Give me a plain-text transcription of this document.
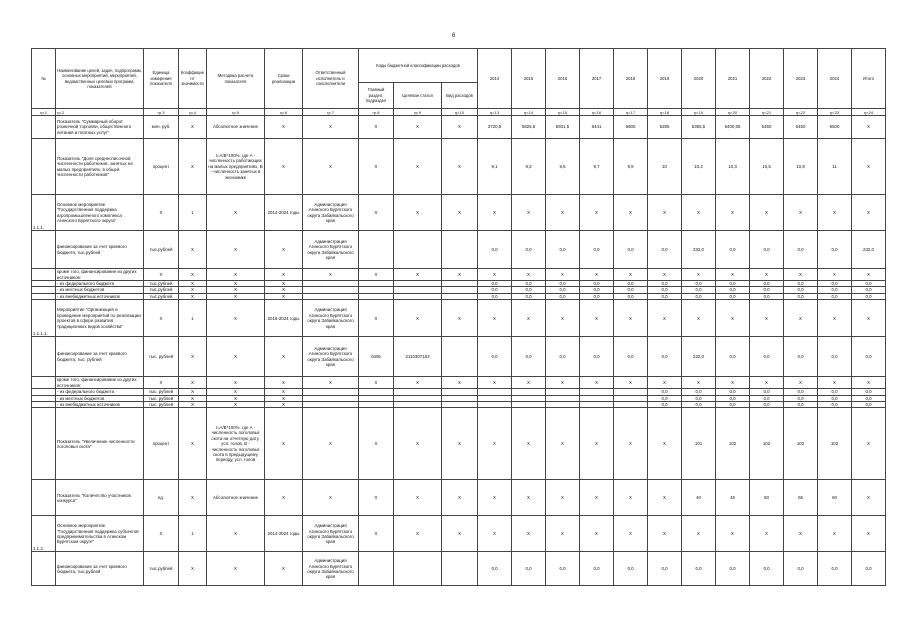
6
№	Наименование целей, задач, подпрограмм, основных мероприятий, мероприятий, ведомственных целевых программ, показателей	Единица измерения показателя	Коэффициент значимости	Методика расчета показателя	Сроки реализации	Ответственный исполнитель и соисполнители	Коды бюджетной классификации расходов			2014	2015	2016	2017	2018	2019	2020	2021	2022	2023	2024	Итого
							Главный раздел, подраздел	Целевая статья	Вид расходов												
гр.1	гр.2	гр.3	гр.4	гр.5	гр.6	гр.7	гр.8	гр.9	гр.10	гр.13	гр.14	гр.15	гр.16	гр.17	гр.18	гр.19	гр.20	гр.21	гр.22	гр.23	гр.24
	Показатель "Суммарный оборот розничной торговли, общественного питания и платных услуг"	млн. руб.	Х	Абсолютное значение	Х	Х	Х	Х	Х	3720,5	5825,5	5931,5	6441	6600	6285	6355,5	6400,05	6450	6450	6500	Х
	Показатель "Доля среднесписочной численности работников, занятых на малых предприятиях, в общей численности работников"	процент	Х	I=A/B*100%, где А - численность работающих на малых предприятиях, В - численность занятых в экономике	Х	Х	Х	Х	Х	9,1	9,3	9,5	9,7	9,9	10	10,2	10,3	10,5	10,8	11	Х
1.1.1.	Основное мероприятие "Государственная поддержка агропромышленного комплекса Агинского Бурятского округа"	Х	1	Х	2014-2024 годы	Администрация Агинского Бурятского округа Забайкальского края	Х	Х	Х	Х	Х	Х	Х	Х	Х	Х	Х	Х	Х	Х	Х
	финансирование за счет краевого бюджета, тыс.рублей	тыс.рублей	Х	Х	Х	Администрация Агинского Бурятского округа Забайкальского края				0,0	0,0	0,0	0,0	0,0	0,0	232,0	0,0	0,0	0,0	0,0	232,0
	кроме того, финансирование из других источников:	Х	Х	Х	Х	Х	Х	Х	Х	Х	Х	Х	Х	Х	Х	Х	Х	Х	Х	Х	Х
	- из федерального бюджета	тыс.рублей	Х	Х	Х					0,0	0,0	0,0	0,0	0,0	0,0	0,0	0,0	0,0	0,0	0,0	0,0
	- из местных бюджетов	тыс.рублей	Х	Х	Х					0,0	0,0	0,0	0,0	0,0	0,0	0,0	0,0	0,0	0,0	0,0	0,0
	- из внебюджетных источников	тыс.рублей	Х	Х	Х					0,0	0,0	0,0	0,0	0,0	0,0	0,0	0,0	0,0	0,0	0,0	0,0
1.1.1.1.	Мероприятие "Организация и проведение мероприятий по реализации проектов в сфере развития традиционных видов хозяйства"	Х	1	Х	2019-2024 годы	Администрация Агинского Бурятского округа Забайкальского края	Х	Х	Х	Х	Х	Х	Х	Х	Х	Х	Х	Х	Х	Х	Х
	финансирование за счет краевого бюджета, тыс. рублей	тыс. рублей	Х	Х	Х	Администрация Агинского Бурятского округа Забайкальского края	0405	2110307163		0,0	0,0	0,0	0,0	0,0	0,0	232,0	0,0	0,0	0,0	0,0	0,0
	кроме того, финансирование из других источников:	Х	Х	Х	Х	Х	Х	Х	Х	Х	Х	Х	Х	Х	Х	Х	Х	Х	Х	Х	Х
	- из федерального бюджета	тыс. рублей	Х	Х	Х										0,0	0,0	0,0	0,0	0,0	0,0	0,0
	- из местных бюджетов	тыс. рублей	Х	Х	Х										0,0	0,0	0,0	0,0	0,0	0,0	0,0
	- из внебюджетных источников	тыс. рублей	Х	Х	Х										0,0	0,0	0,0	0,0	0,0	0,0	0,0
	Показатель "Увеличение численности поголовья скота"	процент	Х	I=A/B*100%, где А - численность поголовья скота на отчетную дату, усл. голов, В - численность поголовья скота в предыдущему периоду, усл. голов	Х	Х	Х	Х	Х	Х	Х	Х	Х	Х	Х	101	102	102	102	102	Х
	Показатель "Количество участников конкурса"	ед.	Х	Абсолютное значение	Х	Х	Х	Х	Х	Х	Х	Х	Х	Х	Х	40	45	50	55	60	Х
1.1.2.	Основное мероприятие "Государственная поддержка субъектов предпринимательства в Агинском Бурятском округе"	Х	1	Х	2014-2024 годы	Администрация Агинского Бурятского округа Забайкальского края	Х	Х	Х	Х	Х	Х	Х	Х	Х	Х	Х	Х	Х	Х	Х
	финансирование за счет краевого бюджета, тыс.рублей	тыс.рублей	Х	Х	Х	Администрация Агинского Бурятского округа Забайкальского края				0,0	0,0	0,0	0,0	0,0	0,0	0,0	0,0	0,0	0,0	0,0	0,0
